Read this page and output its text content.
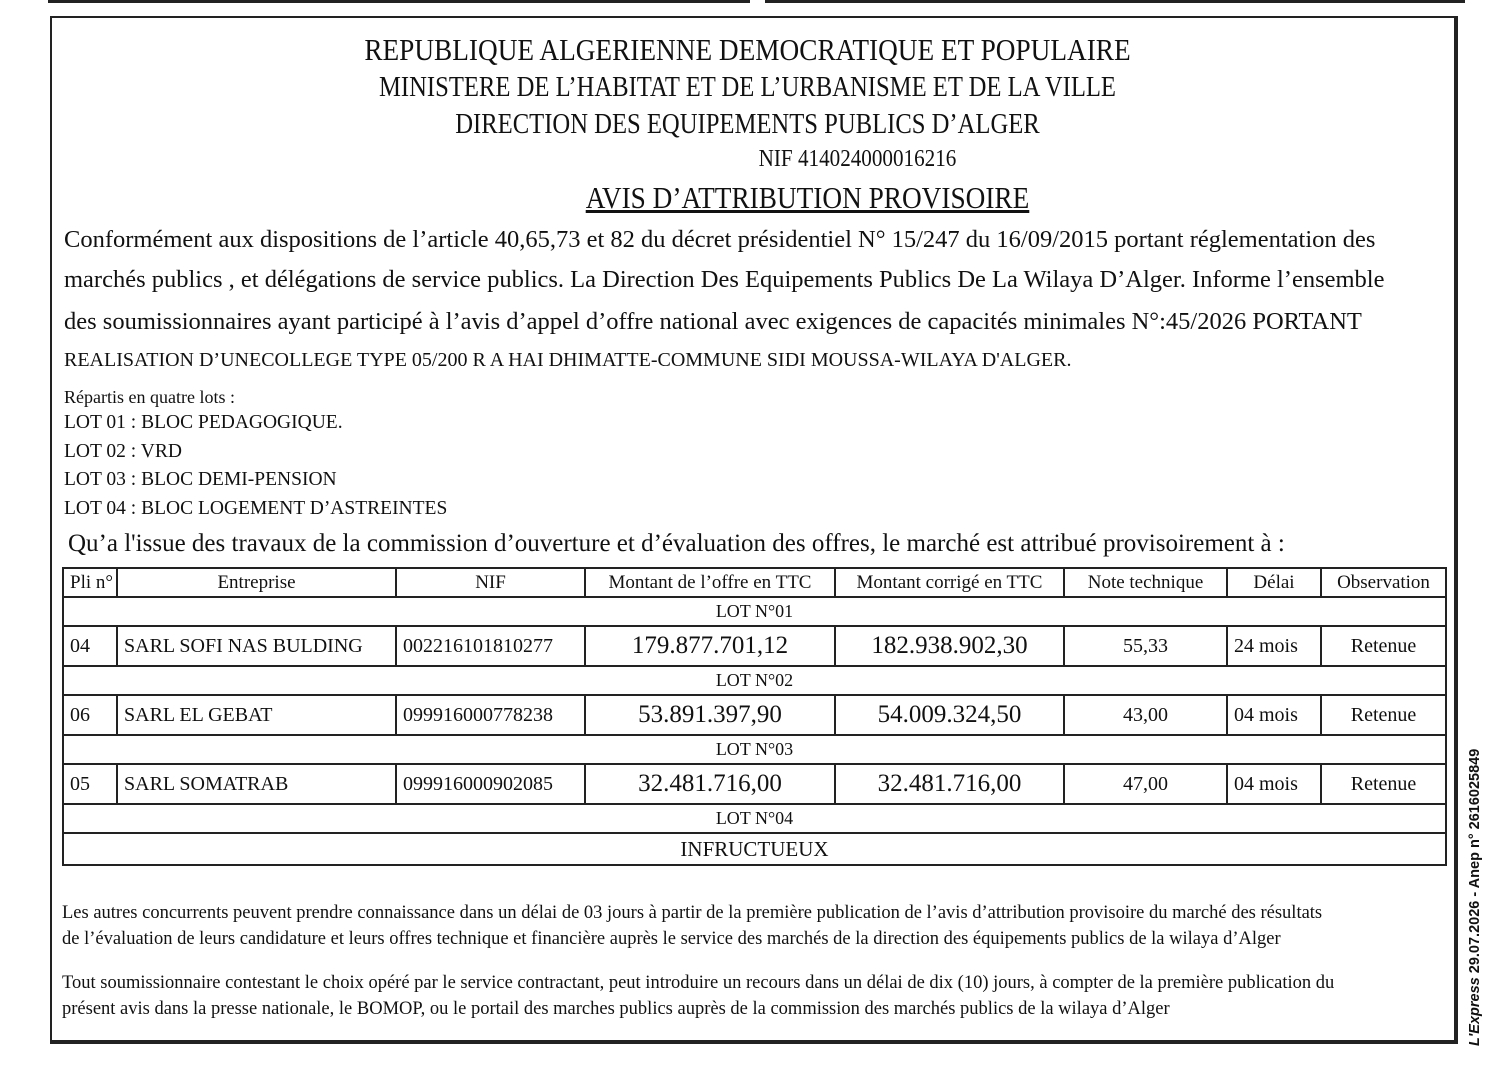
REPUBLIQUE ALGERIENNE DEMOCRATIQUE ET POPULAIRE
MINISTERE DE L’HABITAT ET DE L’URBANISME ET DE LA VILLE
DIRECTION DES EQUIPEMENTS PUBLICS D’ALGER
NIF 414024000016216
AVIS D’ATTRIBUTION PROVISOIRE
Conformément aux dispositions de l’article 40,65,73 et 82 du décret présidentiel N° 15/247 du 16/09/2015 portant réglementation des
marchés publics , et délégations de service publics. La Direction Des Equipements Publics De La Wilaya D’Alger. Informe l’ensemble
des soumissionnaires ayant participé à l’avis d’appel d’offre national avec exigences de capacités minimales N°:45/2026 PORTANT
REALISATION D’UNECOLLEGE TYPE 05/200 R A HAI DHIMATTE-COMMUNE SIDI MOUSSA-WILAYA D'ALGER.
Répartis en quatre lots :
LOT 01 : BLOC PEDAGOGIQUE.
LOT 02 : VRD
LOT 03 : BLOC DEMI-PENSION
LOT 04 : BLOC LOGEMENT D’ASTREINTES
Qu’a l'issue des travaux de la commission d’ouverture et d’évaluation des offres, le marché est attribué provisoirement à :
Pli n°	Entreprise	NIF	Montant de l’offre en TTC	Montant corrigé en TTC	Note technique	Délai	Observation
LOT N°01							
04	SARL SOFI NAS BULDING	002216101810277	179.877.701,12	182.938.902,30	55,33	24 mois	Retenue
LOT N°02							
06	SARL EL GEBAT	099916000778238	53.891.397,90	54.009.324,50	43,00	04 mois	Retenue
LOT N°03							
05	SARL SOMATRAB	099916000902085	32.481.716,00	32.481.716,00	47,00	04 mois	Retenue
LOT N°04							
INFRUCTUEUX							
Les autres concurrents peuvent prendre connaissance dans un délai de 03 jours à partir de la première publication de l’avis d’attribution provisoire du marché des résultats
de l’évaluation de leurs candidature et leurs offres technique et financière auprès le service des marchés de la direction des équipements publics de la wilaya d’Alger
Tout soumissionnaire contestant le choix opéré par le service contractant, peut introduire un recours dans un délai de dix (10) jours, à compter de la première publication du
présent avis dans la presse nationale, le BOMOP, ou le portail des marches publics auprès de la commission des marchés publics de la wilaya d’Alger	L'Express 29.07.2026 - Anep n° 2616025849
